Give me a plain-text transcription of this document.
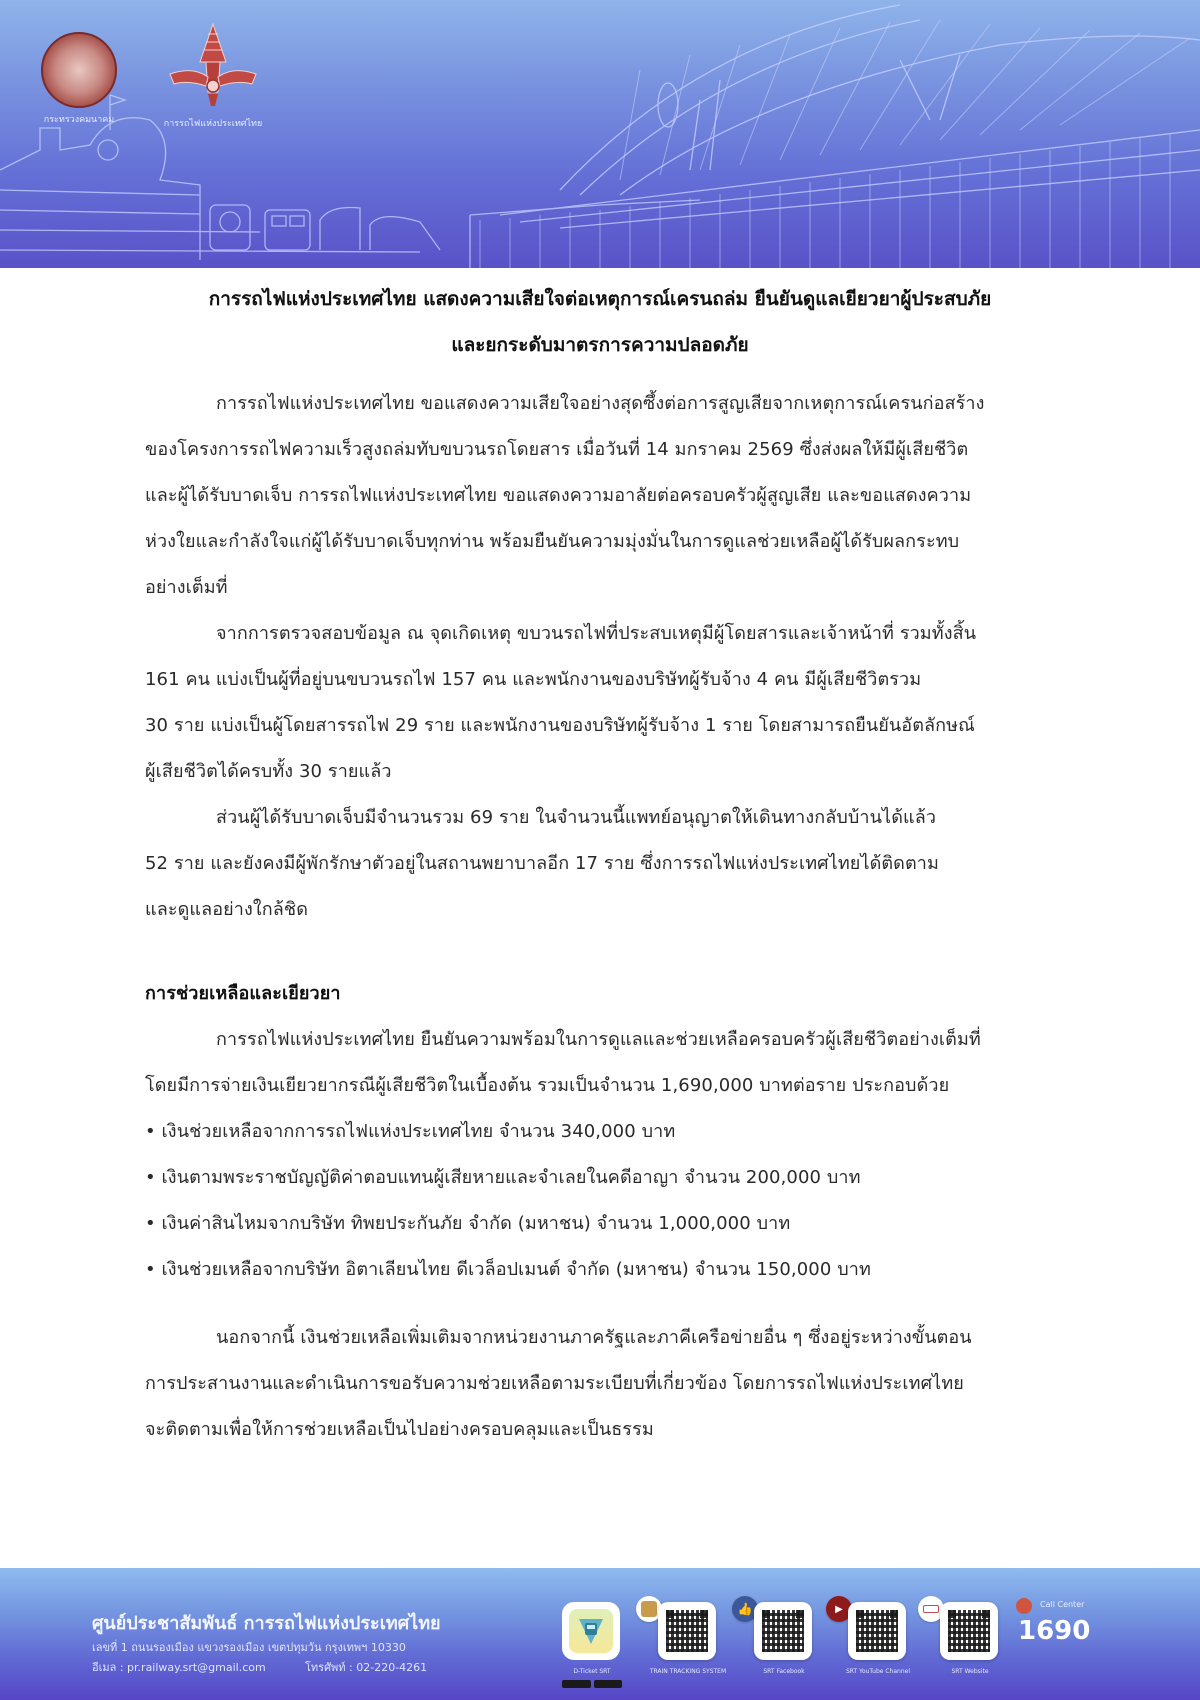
กระทรวงคมนาคม	การรถไฟแห่งประเทศไทย
การรถไฟแห่งประเทศไทย แสดงความเสียใจต่อเหตุการณ์เครนถล่ม ยืนยันดูแลเยียวยาผู้ประสบภัย
และยกระดับมาตรการความปลอดภัย
การรถไฟแห่งประเทศไทย ขอแสดงความเสียใจอย่างสุดซึ้งต่อการสูญเสียจากเหตุการณ์เครนก่อสร้าง
ของโครงการรถไฟความเร็วสูงถล่มทับขบวนรถโดยสาร เมื่อวันที่ 14 มกราคม 2569 ซึ่งส่งผลให้มีผู้เสียชีวิต
และผู้ได้รับบาดเจ็บ การรถไฟแห่งประเทศไทย ขอแสดงความอาลัยต่อครอบครัวผู้สูญเสีย และขอแสดงความ
ห่วงใยและกำลังใจแก่ผู้ได้รับบาดเจ็บทุกท่าน พร้อมยืนยันความมุ่งมั่นในการดูแลช่วยเหลือผู้ได้รับผลกระทบ
อย่างเต็มที่
จากการตรวจสอบข้อมูล ณ จุดเกิดเหตุ ขบวนรถไฟที่ประสบเหตุมีผู้โดยสารและเจ้าหน้าที่ รวมทั้งสิ้น
161 คน แบ่งเป็นผู้ที่อยู่บนขบวนรถไฟ 157 คน และพนักงานของบริษัทผู้รับจ้าง 4 คน มีผู้เสียชีวิตรวม
30 ราย แบ่งเป็นผู้โดยสารรถไฟ 29 ราย และพนักงานของบริษัทผู้รับจ้าง 1 ราย โดยสามารถยืนยันอัตลักษณ์
ผู้เสียชีวิตได้ครบทั้ง 30 รายแล้ว
ส่วนผู้ได้รับบาดเจ็บมีจำนวนรวม 69 ราย ในจำนวนนี้แพทย์อนุญาตให้เดินทางกลับบ้านได้แล้ว
52 ราย และยังคงมีผู้พักรักษาตัวอยู่ในสถานพยาบาลอีก 17 ราย ซึ่งการรถไฟแห่งประเทศไทยได้ติดตาม
และดูแลอย่างใกล้ชิด
การช่วยเหลือและเยียวยา
การรถไฟแห่งประเทศไทย ยืนยันความพร้อมในการดูแลและช่วยเหลือครอบครัวผู้เสียชีวิตอย่างเต็มที่
โดยมีการจ่ายเงินเยียวยากรณีผู้เสียชีวิตในเบื้องต้น รวมเป็นจำนวน 1,690,000 บาทต่อราย ประกอบด้วย
• เงินช่วยเหลือจากการรถไฟแห่งประเทศไทย จำนวน 340,000 บาท
• เงินตามพระราชบัญญัติค่าตอบแทนผู้เสียหายและจำเลยในคดีอาญา จำนวน 200,000 บาท
• เงินค่าสินไหมจากบริษัท ทิพยประกันภัย จำกัด (มหาชน) จำนวน 1,000,000 บาท
• เงินช่วยเหลือจากบริษัท อิตาเลียนไทย ดีเวล็อปเมนต์ จำกัด (มหาชน) จำนวน 150,000 บาท
นอกจากนี้ เงินช่วยเหลือเพิ่มเติมจากหน่วยงานภาครัฐและภาคีเครือข่ายอื่น ๆ ซึ่งอยู่ระหว่างขั้นตอน
การประสานงานและดำเนินการขอรับความช่วยเหลือตามระเบียบที่เกี่ยวข้อง โดยการรถไฟแห่งประเทศไทย
จะติดตามเพื่อให้การช่วยเหลือเป็นไปอย่างครอบคลุมและเป็นธรรม
ศูนย์ประชาสัมพันธ์ การรถไฟแห่งประเทศไทย
เลขที่ 1 ถนนรองเมือง แขวงรองเมือง เขตปทุมวัน กรุงเทพฯ 10330
อีเมล : pr.railway.srt@gmail.com	โทรศัพท์ : 02-220-4261	D-Ticket SRT	TRAIN TRACKING SYSTEM
👍
SRT Facebook
▶
SRT YouTube Channel	SRT Website
Call Center
1690
